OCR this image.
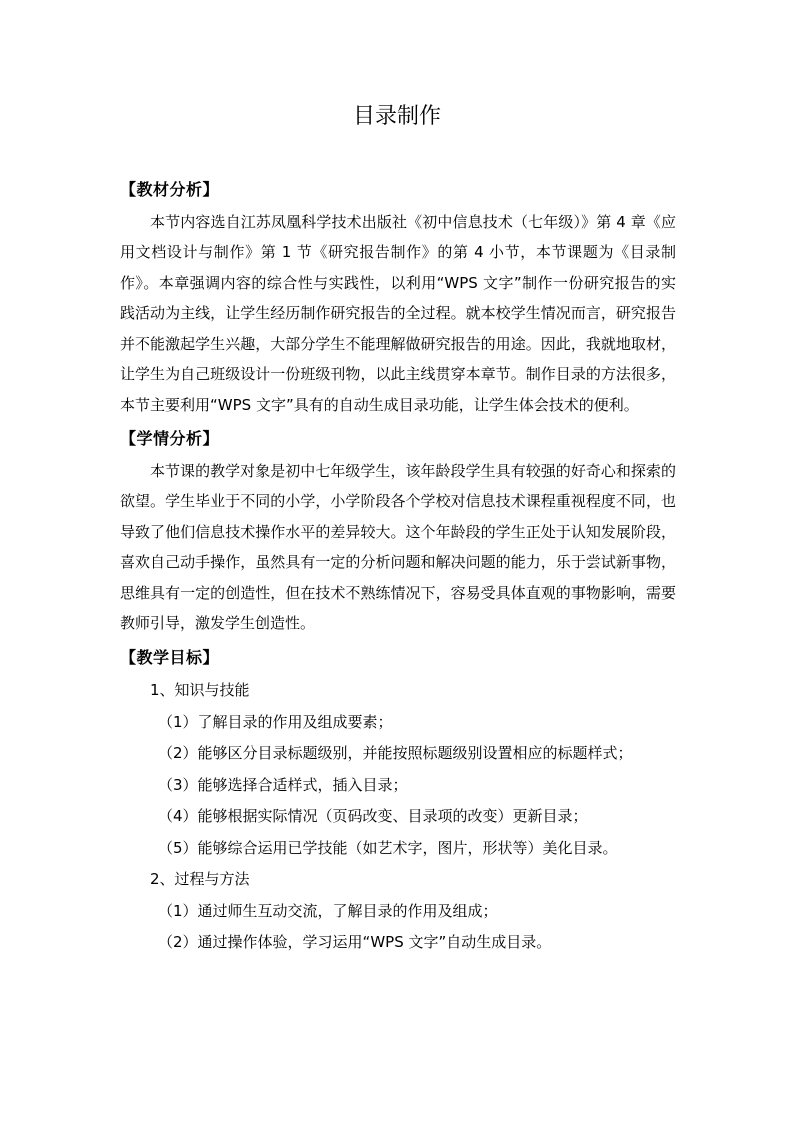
目录制作
【教材分析】

本节内容选自江苏凤凰科学技术出版社《初中信息技术（七年级）》第 4 章《应用文档设计与制作》第 1 节《研究报告制作》的第 4 小节，本节课题为《目录制作》。本章强调内容的综合性与实践性，以利用“WPS 文字”制作一份研究报告的实践活动为主线，让学生经历制作研究报告的全过程。就本校学生情况而言，研究报告并不能激起学生兴趣，大部分学生不能理解做研究报告的用途。因此，我就地取材，让学生为自己班级设计一份班级刊物，以此主线贯穿本章节。制作目录的方法很多，本节主要利用“WPS 文字”具有的自动生成目录功能，让学生体会技术的便利。

【学情分析】

本节课的教学对象是初中七年级学生，该年龄段学生具有较强的好奇心和探索的欲望。学生毕业于不同的小学，小学阶段各个学校对信息技术课程重视程度不同，也导致了他们信息技术操作水平的差异较大。这个年龄段的学生正处于认知发展阶段，喜欢自己动手操作，虽然具有一定的分析问题和解决问题的能力，乐于尝试新事物，思维具有一定的创造性，但在技术不熟练情况下，容易受具体直观的事物影响，需要教师引导，激发学生创造性。

【教学目标】
1、知识与技能
（1）了解目录的作用及组成要素；
（2）能够区分目录标题级别，并能按照标题级别设置相应的标题样式；
（3）能够选择合适样式，插入目录；
（4）能够根据实际情况（页码改变、目录项的改变）更新目录；
（5）能够综合运用已学技能（如艺术字，图片，形状等）美化目录。
2、过程与方法
（1）通过师生互动交流，了解目录的作用及组成；
（2）通过操作体验，学习运用“WPS 文字”自动生成目录。
